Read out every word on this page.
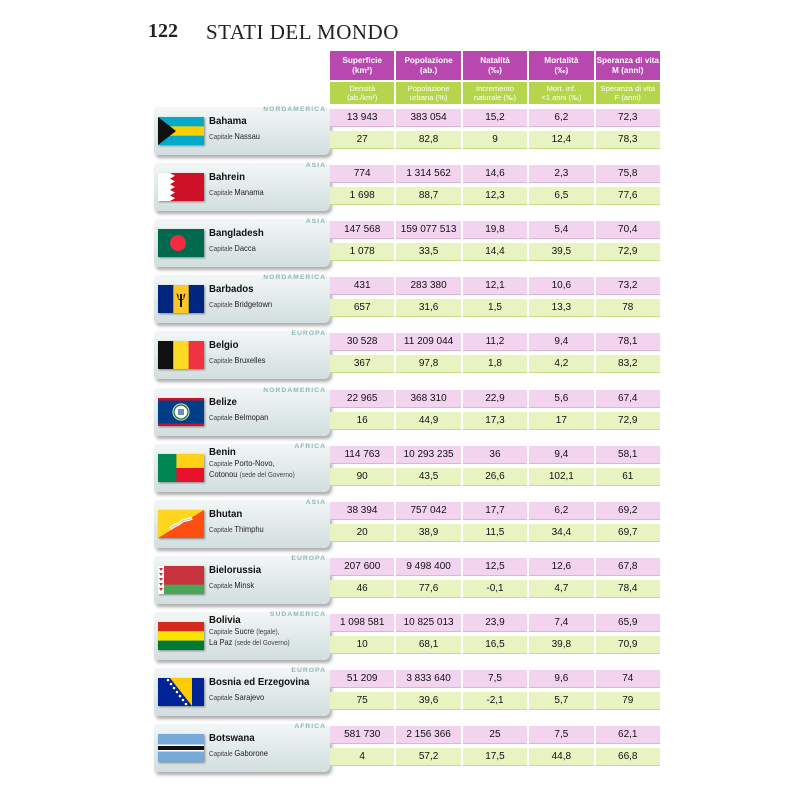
122 STATI DEL MONDO
Superficie
(km²)
Popolazione
(ab.)
Natalità
(‰)
Mortalità
(‰)
Speranza di vita
M (anni)
Densità
(ab./km²)
Popolazione
urbana (%)
Incremento
naturale (‰)
Mort. inf.
<1 anni (‰)
Speranza di vita
F (anni)
NORDAMERICA
Bahama
Capitale Nassau
13 943	383 054	15,2	6,2	72,3
27	82,8	9	12,4	78,3
ASIA
Bahrein
Capitale Manama
774	1 314 562	14,6	2,3	75,8
1 698	88,7	12,3	6,5	77,6
ASIA
Bangladesh
Capitale Dacca
147 568	159 077 513	19,8	5,4	70,4
1 078	33,5	14,4	39,5	72,9
NORDAMERICA
Barbados
Capitale Bridgetown
431	283 380	12,1	10,6	73,2
657	31,6	1,5	13,3	78
EUROPA
Belgio
Capitale Bruxelles
30 528	11 209 044	11,2	9,4	78,1
367	97,8	1,8	4,2	83,2
NORDAMERICA
Belize
Capitale Belmopan
22 965	368 310	22,9	5,6	67,4
16	44,9	17,3	17	72,9
AFRICA
Benin
Capitale Porto-Novo,
Cotonou (sede del Governo)
114 763	10 293 235	36	9,4	58,1
90	43,5	26,6	102,1	61
ASIA
Bhutan
Capitale Thimphu
38 394	757 042	17,7	6,2	69,2
20	38,9	11,5	34,4	69,7
EUROPA
Bielorussia
Capitale Minsk
207 600	9 498 400	12,5	12,6	67,8
46	77,6	-0,1	4,7	78,4
SUDAMERICA
Bolivia
Capitale Sucre (legale),
La Paz (sede del Governo)
1 098 581	10 825 013	23,9	7,4	65,9
10	68,1	16,5	39,8	70,9
EUROPA
Bosnia ed Erzegovina
Capitale Sarajevo
51 209	3 833 640	7,5	9,6	74
75	39,6	-2,1	5,7	79
AFRICA
Botswana
Capitale Gaborone
581 730	2 156 366	25	7,5	62,1
4	57,2	17,5	44,8	66,8
